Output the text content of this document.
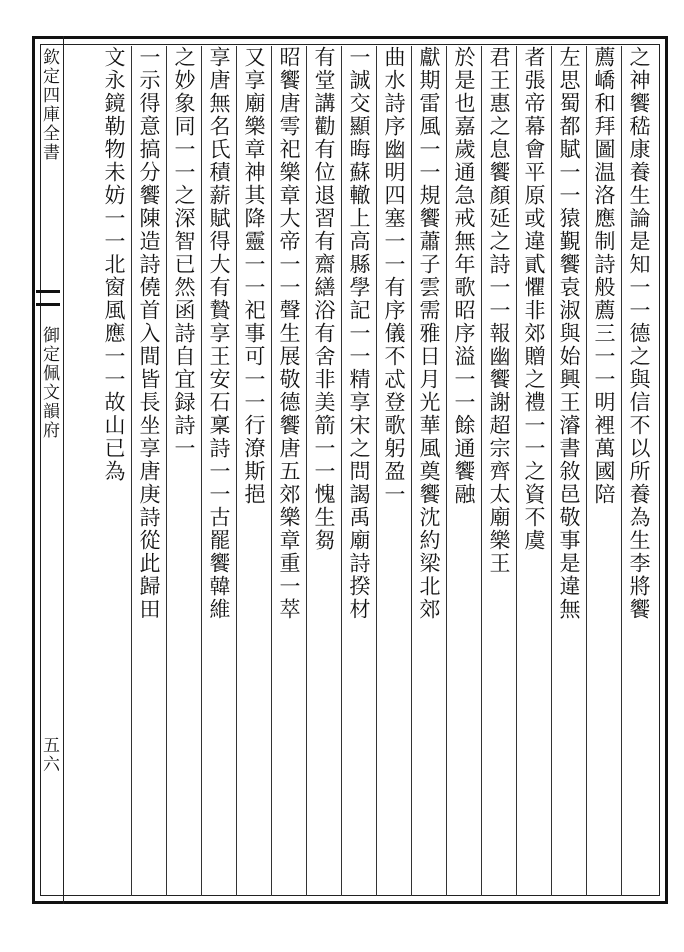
欽定四庫全書
御定佩文韻府
五六
之神饗嵇康養生論是知一一德之與信不以所養為生李將饗
薦嶠和拜圖温洛應制詩般薦三一一明裡萬國陪
左思蜀都賦一一猿覲饗袁淑與始興王濬書敘邑敬事是違無
者張帝幕會平原或違貳懼非郊贈之禮一一之資不虞
君王惠之息饗顏延之詩一一報幽饗謝超宗齊太廟樂王
於是也嘉歲通急戒無年歌昭序溢一一餘通饗融
獻期雷風一一規饗蕭子雲需雅日月光華風奠饗沈約梁北郊
曲水詩序幽明四塞一一有序儀不忒登歌躬盈一
一誠交顯晦蘇轍上高縣學記一一精享宋之問謁禹廟詩揆材
有堂講勸有位退習有齋繕浴有舍非美箭一一愧生芻
昭饗唐雩祀樂章大帝一一聲生展敬德饗唐五郊樂章重一萃
又享廟樂章神其降靈一一祀事可一一行潦斯挹
享唐無名氏積薪賦得大有贄享王安石稟詩一一古罷饗韓維
之妙象同一一之深智已然函詩自宜録詩一
一示得意搞分饗陳造詩僥首入間皆長坐享唐庚詩從此歸田
文永鏡勒物未妨一一北窗風應一一故山已為
